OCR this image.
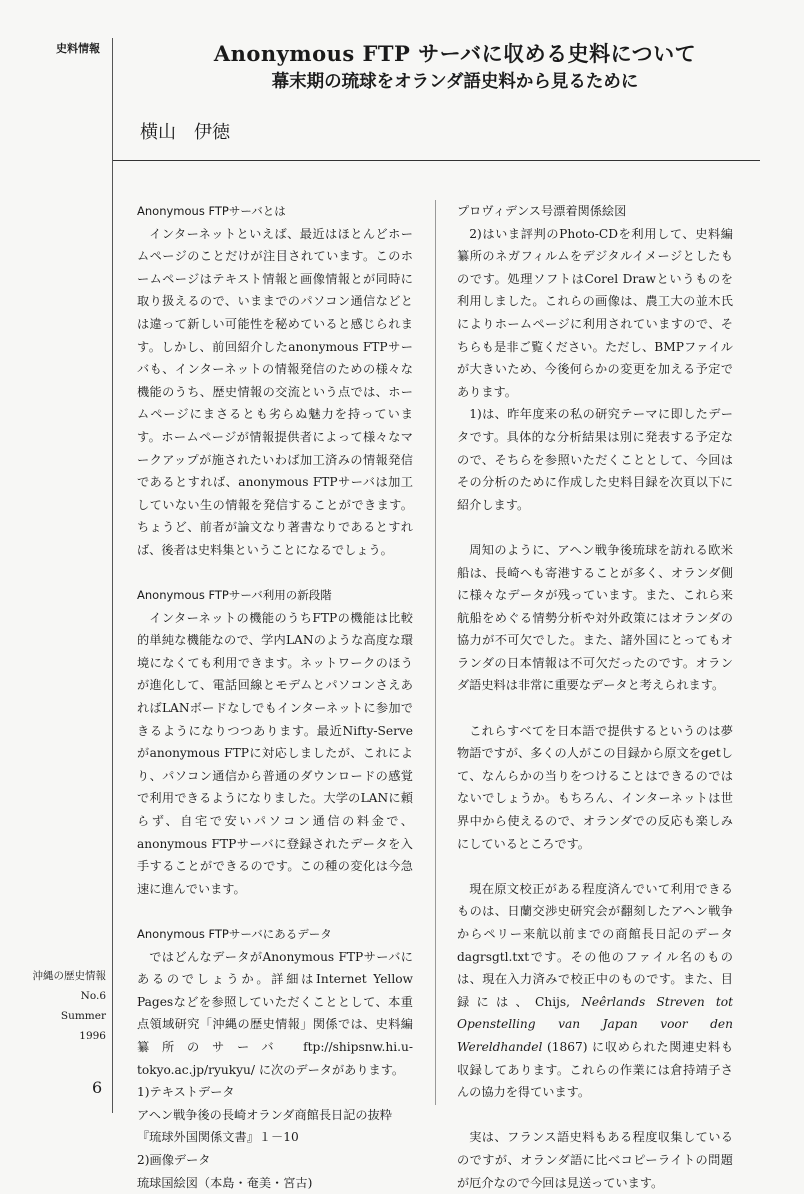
史料情報	Anonymous FTP サーバに収める史料について
幕末期の琉球をオランダ語史料から見るために
横山　伊徳

Anonymous FTPサーバとは

インターネットといえば、最近はほとんどホームページのことだけが注目されています。このホームページはテキスト情報と画像情報とが同時に取り扱えるので、いままでのパソコン通信などとは違って新しい可能性を秘めていると感じられます。しかし、前回紹介したanonymous FTPサーバも、インターネットの情報発信のための様々な機能のうち、歴史情報の交流という点では、ホームページにまさるとも劣らぬ魅力を持っています。ホームページが情報提供者によって様々なマークアップが施されたいわば加工済みの情報発信であるとすれば、anonymous FTPサーバは加工していない生の情報を発信することができます。ちょうど、前者が論文なり著書なりであるとすれば、後者は史料集ということになるでしょう。

Anonymous FTPサーバ利用の新段階

インターネットの機能のうちFTPの機能は比較的単純な機能なので、学内LANのような高度な環境になくても利用できます。ネットワークのほうが進化して、電話回線とモデムとパソコンさえあればLANボードなしでもインターネットに参加できるようになりつつあります。最近Nifty-Serveがanonymous FTPに対応しましたが、これにより、パソコン通信から普通のダウンロードの感覚で利用できるようになりました。大学のLANに頼らず、自宅で安いパソコン通信の料金で、anonymous FTPサーバに登録されたデータを入手することができるのです。この種の変化は今急速に進んでいます。

Anonymous FTPサーバにあるデータ

ではどんなデータがAnonymous FTPサーバにあるのでしょうか。詳細はInternet Yellow Pagesなどを参照していただくこととして、本重点領域研究「沖縄の歴史情報」関係では、史料編纂所のサーバ ftp://shipsnw.hi.u-tokyo.ac.jp/ryukyu/ に次のデータがあります。

1)テキストデータ

アヘン戦争後の長崎オランダ商館長日記の抜粋

『琉球外国関係文書』１－10

2)画像データ

琉球国絵図（本島・奄美・宮古)

プロヴィデンス号漂着関係絵図

2)はいま評判のPhoto-CDを利用して、史料編纂所のネガフィルムをデジタルイメージとしたものです。処理ソフトはCorel Drawというものを利用しました。これらの画像は、農工大の並木氏によりホームページに利用されていますので、そちらも是非ご覧ください。ただし、BMPファイルが大きいため、今後何らかの変更を加える予定であります。

1)は、昨年度来の私の研究テーマに即したデータです。具体的な分析結果は別に発表する予定なので、そちらを参照いただくこととして、今回はその分析のために作成した史料目録を次頁以下に紹介します。

周知のように、アヘン戦争後琉球を訪れる欧米船は、長崎へも寄港することが多く、オランダ側に様々なデータが残っています。また、これら来航船をめぐる情勢分析や対外政策にはオランダの協力が不可欠でした。また、諸外国にとってもオランダの日本情報は不可欠だったのです。オランダ語史料は非常に重要なデータと考えられます。

これらすべてを日本語で提供するというのは夢物語ですが、多くの人がこの目録から原文をgetして、なんらかの当りをつけることはできるのではないでしょうか。もちろん、インターネットは世界中から使えるので、オランダでの反応も楽しみにしているところです。

現在原文校正がある程度済んでいて利用できるものは、日蘭交渉史研究会が翻刻したアヘン戦争からペリー来航以前までの商館長日記のデータdagrsgtl.txtです。その他のファイル名のものは、現在入力済みで校正中のものです。また、目録には、Chijs, Neêrlands Streven tot Openstelling van Japan voor den Wereldhandel (1867) に収められた関連史料も収録してあります。これらの作業には倉持靖子さんの協力を得ています。

実は、フランス語史料もある程度収集しているのですが、オランダ語に比べコピーライトの問題が厄介なので今回は見送っています。

沖縄の歴史情報
No.6
Summer
1996
6
